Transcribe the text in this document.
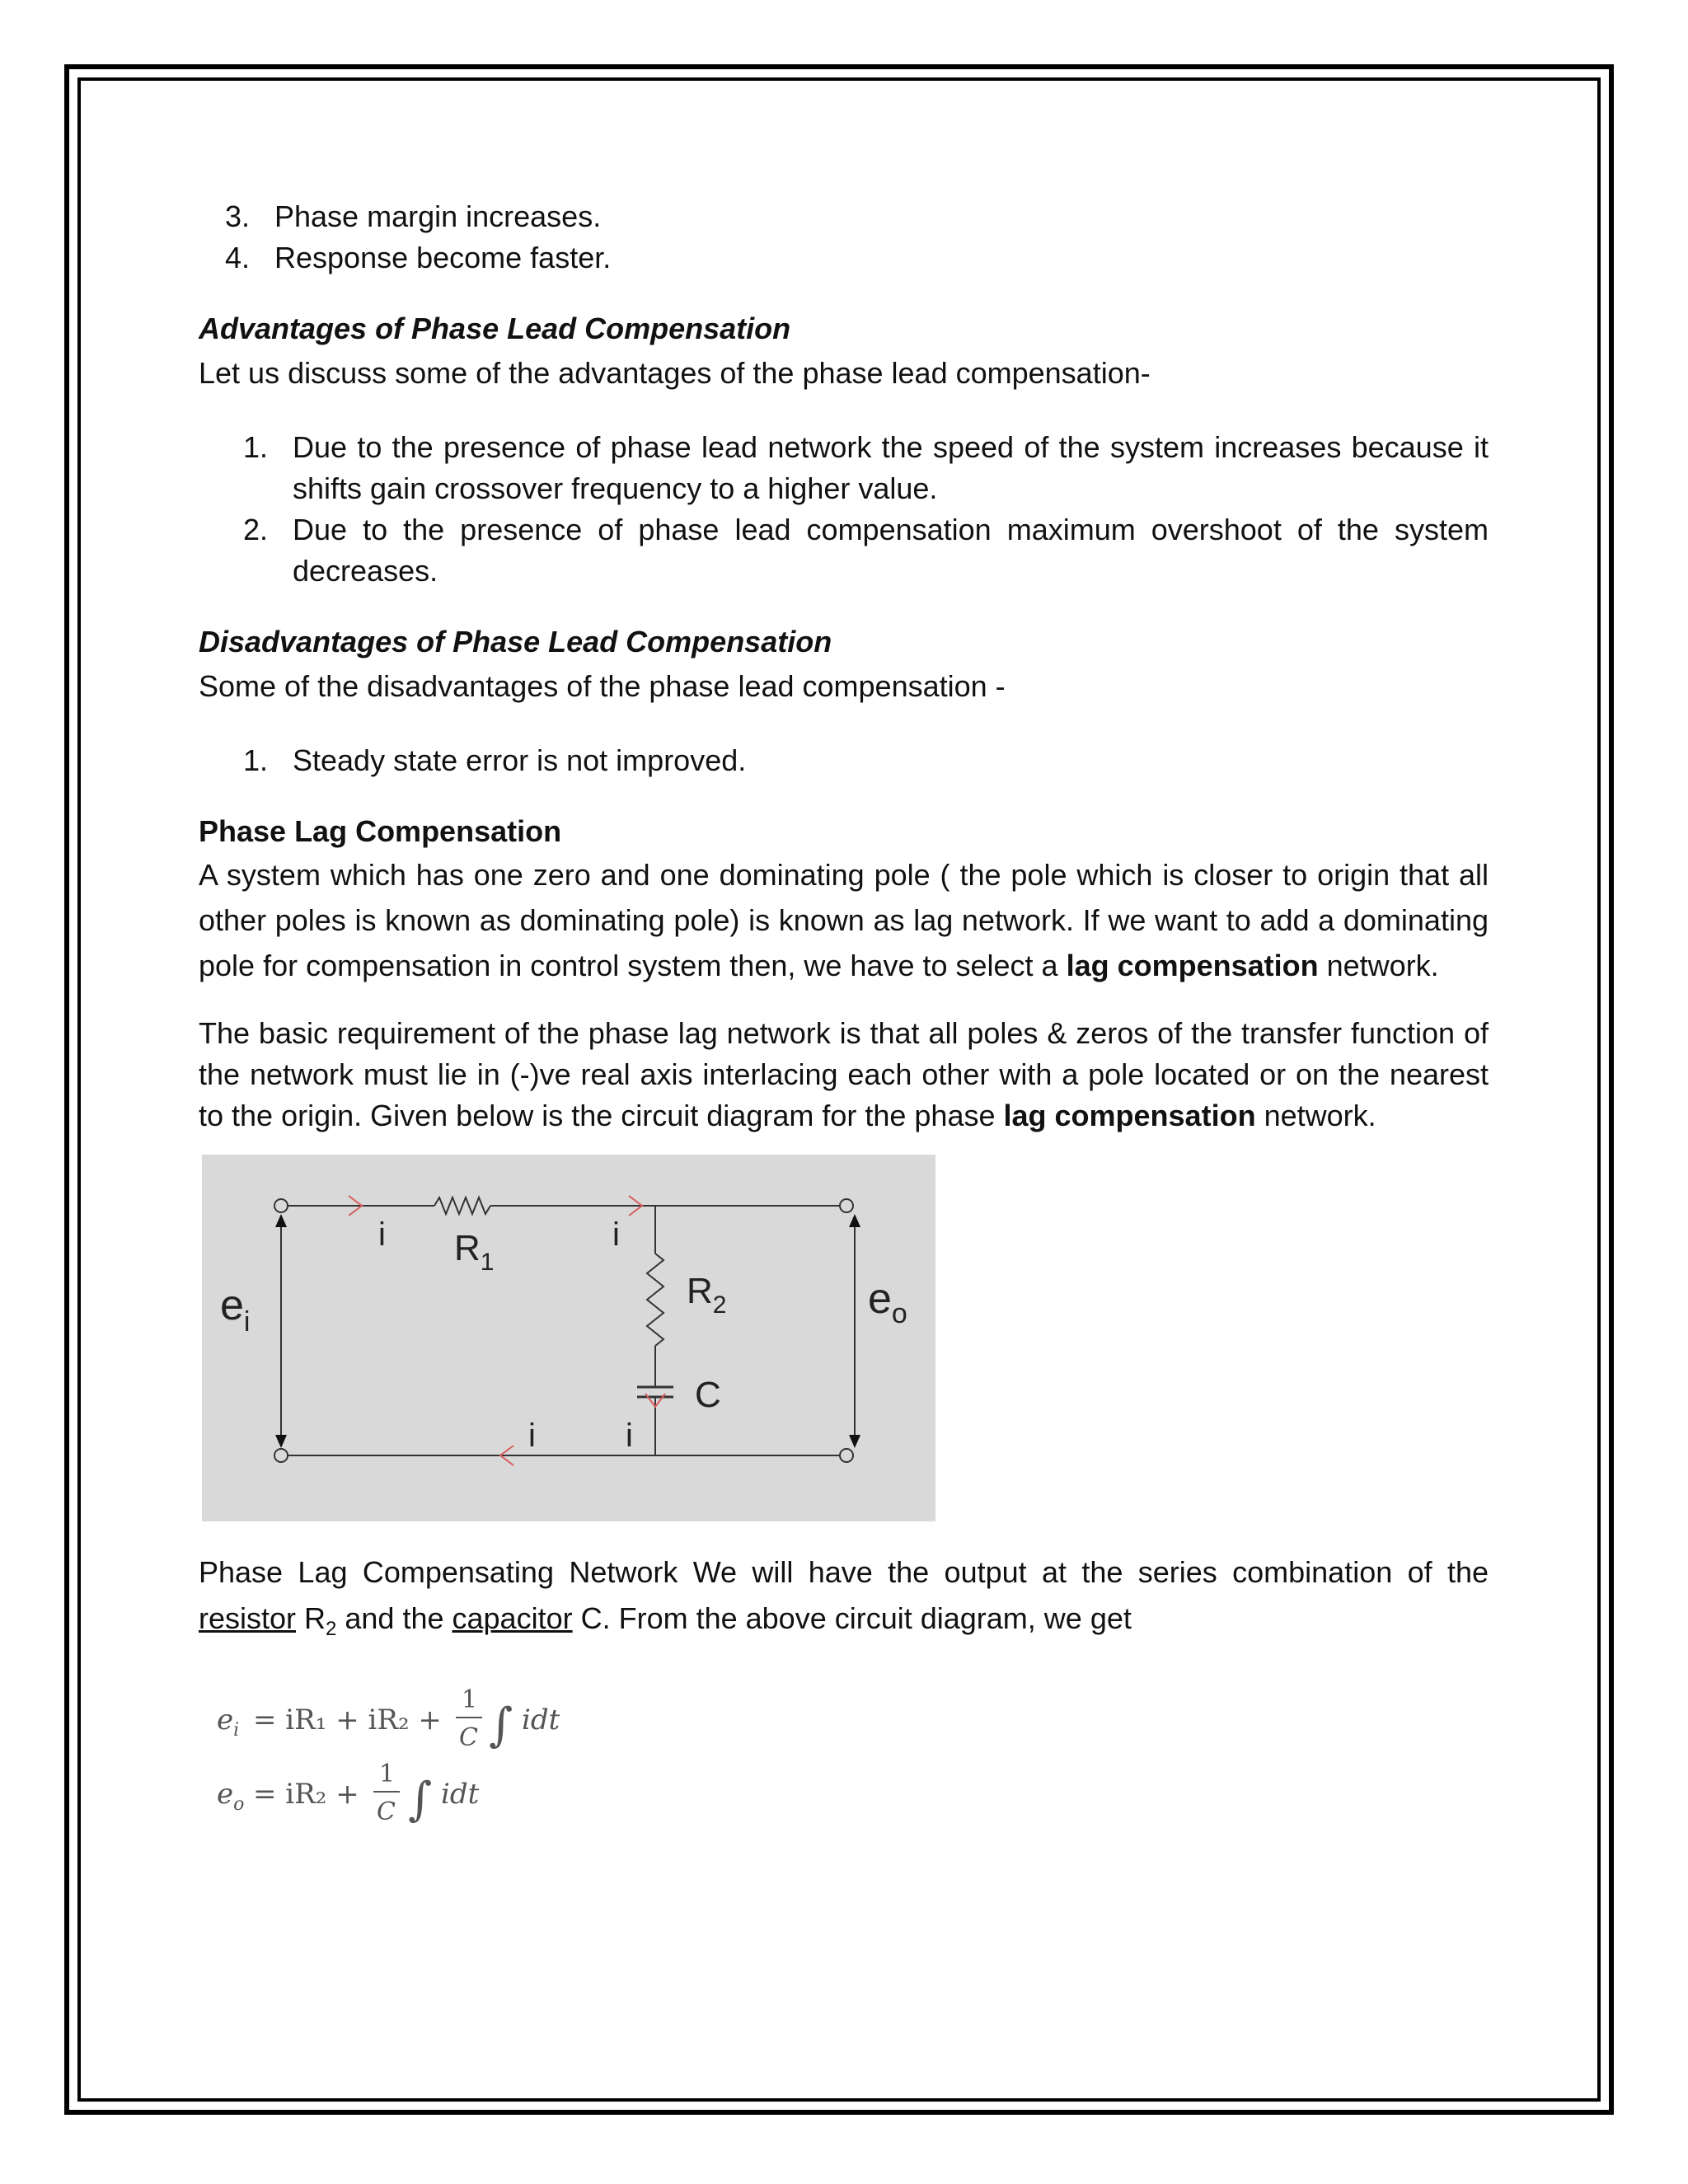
3. Phase margin increases.
4. Response become faster.
Advantages of Phase Lead Compensation
Let us discuss some of the advantages of the phase lead compensation-
1. Due to the presence of phase lead network the speed of the system increases because it shifts gain crossover frequency to a higher value.
2. Due to the presence of phase lead compensation maximum overshoot of the system decreases.
Disadvantages of Phase Lead Compensation
Some of the disadvantages of the phase lead compensation -
1. Steady state error is not improved.
Phase Lag Compensation
A system which has one zero and one dominating pole ( the pole which is closer to origin that all other poles is known as dominating pole) is known as lag network. If we want to add a dominating pole for compensation in control system then, we have to select a lag compensation network.
The basic requirement of the phase lag network is that all poles & zeros of the transfer function of the network must lie in (-)ve real axis interlacing each other with a pole located or on the nearest to the origin. Given below is the circuit diagram for the phase lag compensation network.
$e_i$	$e_o$
i $R_1$
i
$R_2$
C
i	i
Phase Lag Compensating Network We will have the output at the series combination of the resistor $R_2$ and the capacitor C. From the above circuit diagram, we get
$e_i = iR_1 + iR_2$ +
1
C ∫ idt
$e_o = iR_2$ +
1
C ∫ idt
